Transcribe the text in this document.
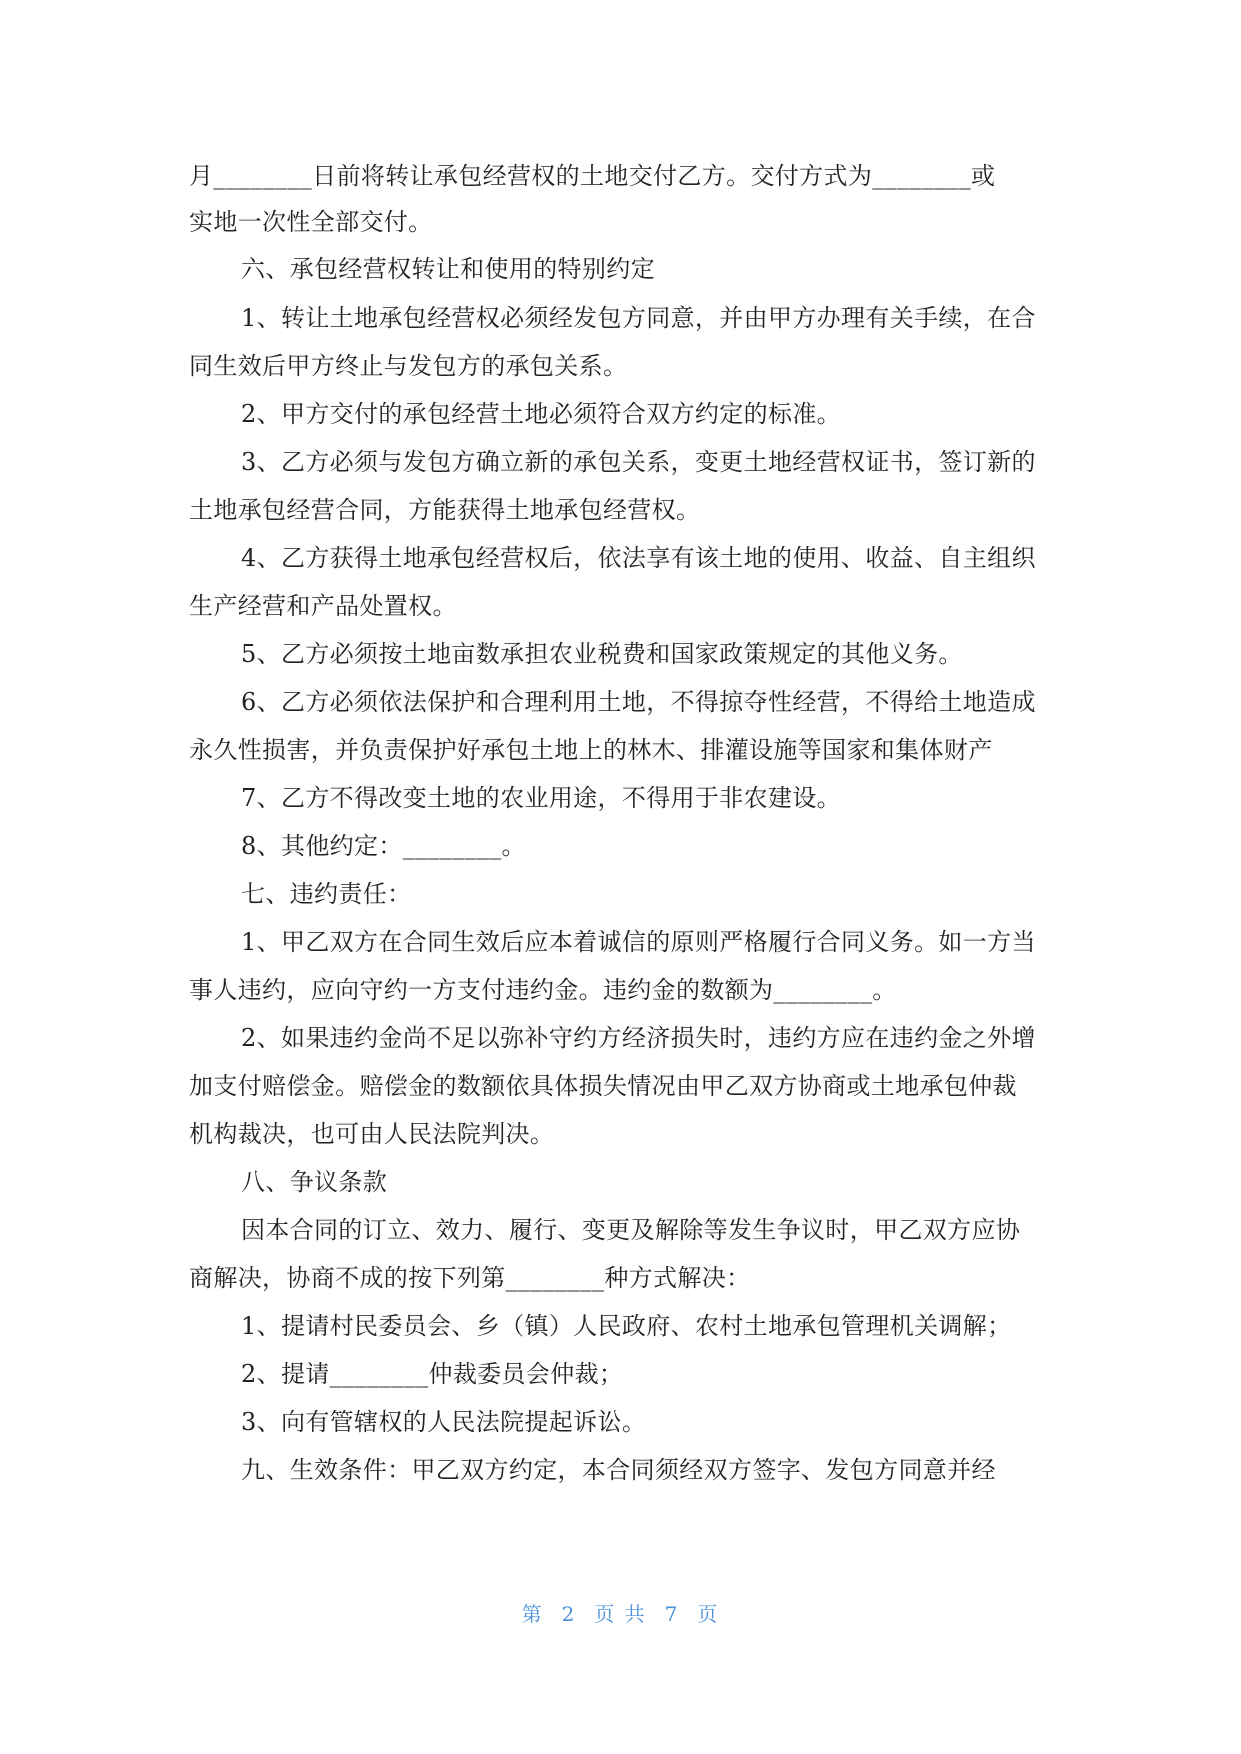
月________日前将转让承包经营权的土地交付乙方。交付方式为________或
实地一次性全部交付。
六、承包经营权转让和使用的特别约定
1、转让土地承包经营权必须经发包方同意，并由甲方办理有关手续，在合
同生效后甲方终止与发包方的承包关系。
2、甲方交付的承包经营土地必须符合双方约定的标准。
3、乙方必须与发包方确立新的承包关系，变更土地经营权证书，签订新的
土地承包经营合同，方能获得土地承包经营权。
4、乙方获得土地承包经营权后，依法享有该土地的使用、收益、自主组织
生产经营和产品处置权。
5、乙方必须按土地亩数承担农业税费和国家政策规定的其他义务。
6、乙方必须依法保护和合理利用土地，不得掠夺性经营，不得给土地造成
永久性损害，并负责保护好承包土地上的林木、排灌设施等国家和集体财产
7、乙方不得改变土地的农业用途，不得用于非农建设。
8、其他约定：________。
七、违约责任：
1、甲乙双方在合同生效后应本着诚信的原则严格履行合同义务。如一方当
事人违约，应向守约一方支付违约金。违约金的数额为________。
2、如果违约金尚不足以弥补守约方经济损失时，违约方应在违约金之外增
加支付赔偿金。赔偿金的数额依具体损失情况由甲乙双方协商或土地承包仲裁
机构裁决，也可由人民法院判决。
八、争议条款
因本合同的订立、效力、履行、变更及解除等发生争议时，甲乙双方应协
商解决，协商不成的按下列第________种方式解决：
1、提请村民委员会、乡（镇）人民政府、农村土地承包管理机关调解；
2、提请________仲裁委员会仲裁；
3、向有管辖权的人民法院提起诉讼。
九、生效条件：甲乙双方约定，本合同须经双方签字、发包方同意并经
第 2 页 共 7 页
